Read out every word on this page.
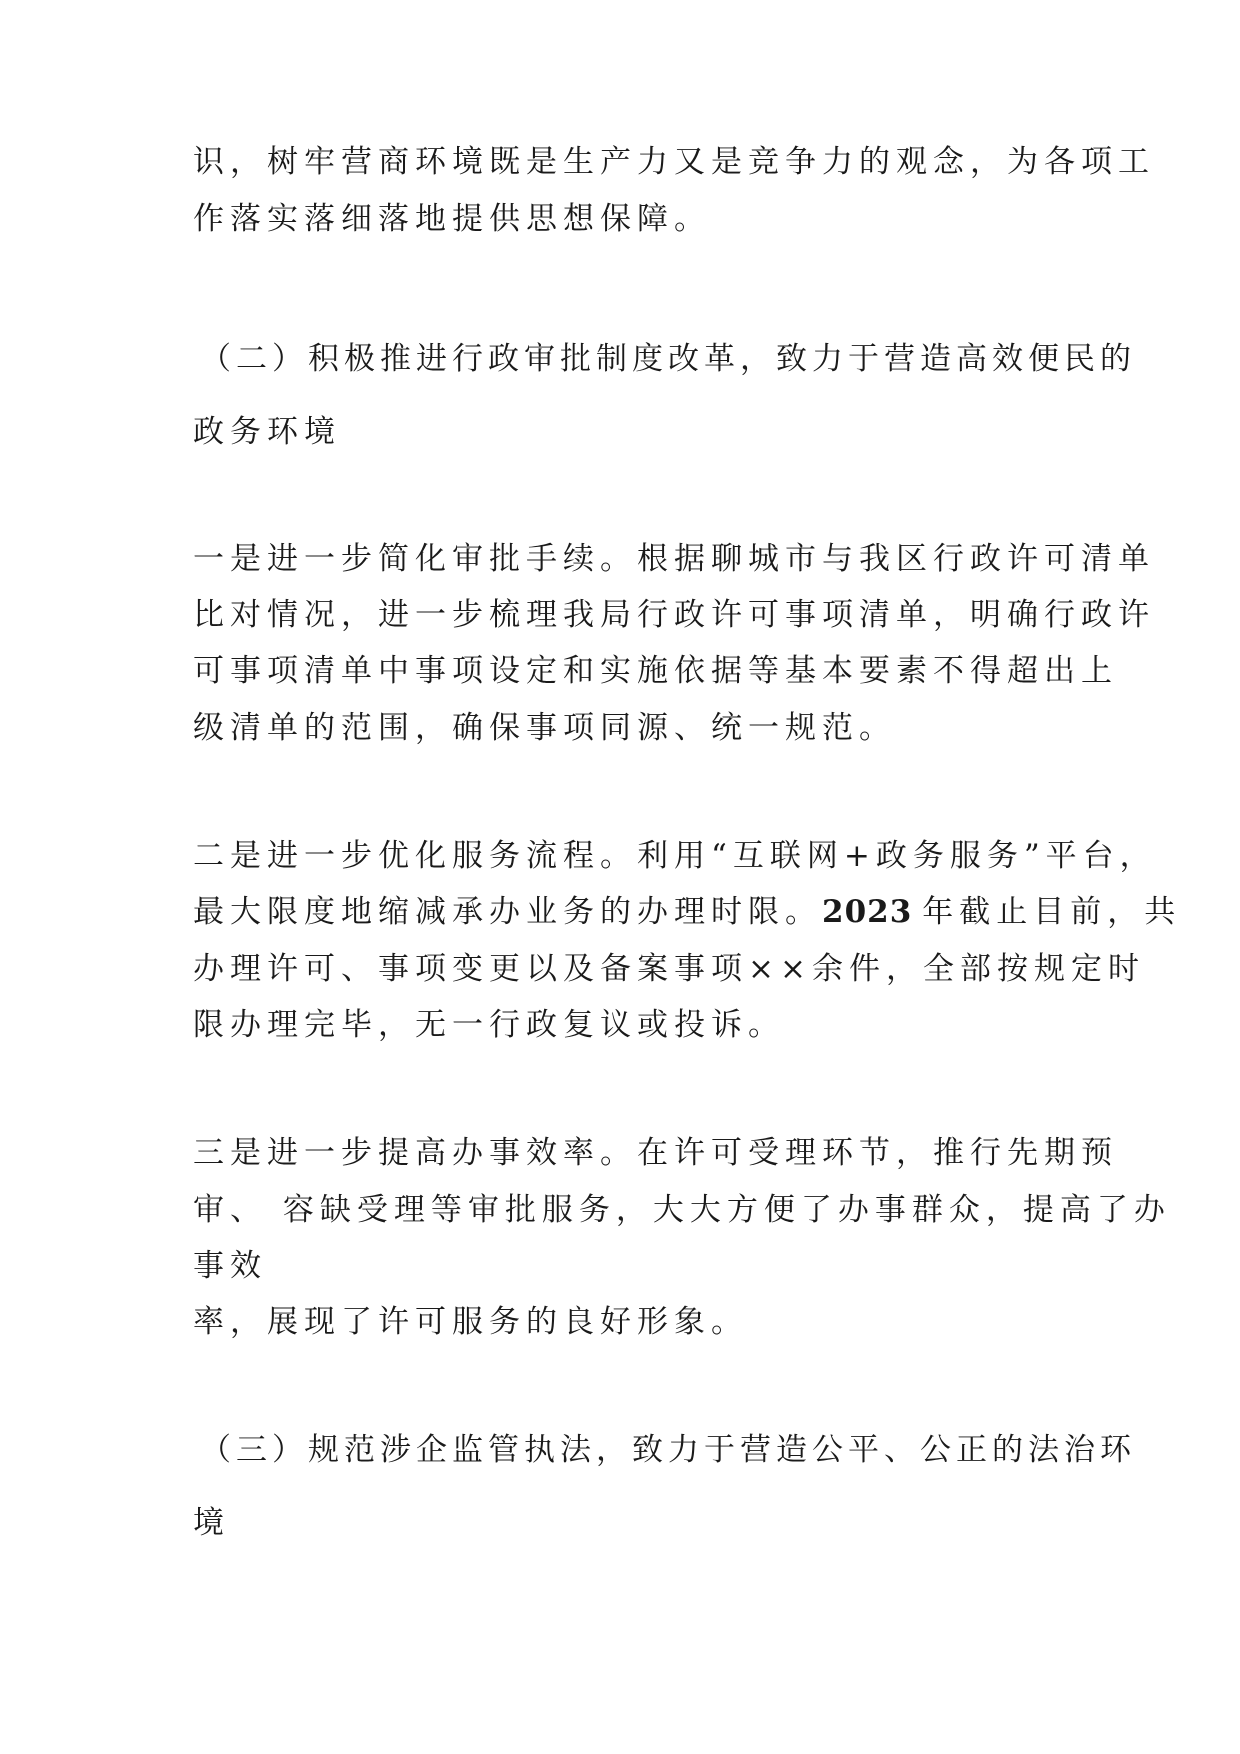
识，树牢营商环境既是生产力又是竞争力的观念，为各项工
作落实落细落地提供思想保障。
（二）积极推进行政审批制度改革，致力于营造高效便民的
政务环境
一是进一步简化审批手续。根据聊城市与我区行政许可清单
比对情况，进一步梳理我局行政许可事项清单，明确行政许
可事项清单中事项设定和实施依据等基本要素不得超出上
级清单的范围，确保事项同源、统一规范。
二是进一步优化服务流程。利用“互联网+政务服务”平台，
最大限度地缩减承办业务的办理时限。2023 年截止目前，共
办理许可、事项变更以及备案事项××余件，全部按规定时
限办理完毕，无一行政复议或投诉。
三是进一步提高办事效率。在许可受理环节，推行先期预
审、 容缺受理等审批服务，大大方便了办事群众，提高了办
事效
率，展现了许可服务的良好形象。
（三）规范涉企监管执法，致力于营造公平、公正的法治环
境
